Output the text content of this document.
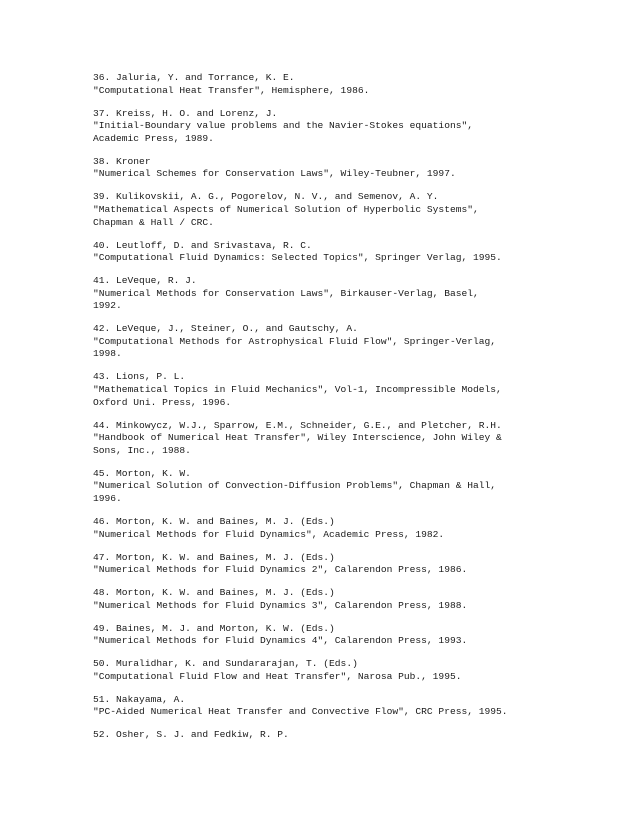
36. Jaluria, Y. and Torrance, K. E.
"Computational Heat Transfer", Hemisphere, 1986.
37. Kreiss, H. O. and Lorenz, J.
"Initial-Boundary value problems and the Navier-Stokes equations",
Academic Press, 1989.
38. Kroner
"Numerical Schemes for Conservation Laws", Wiley-Teubner, 1997.
39. Kulikovskii, A. G., Pogorelov, N. V., and Semenov, A. Y.
"Mathematical Aspects of Numerical Solution of Hyperbolic Systems",
Chapman & Hall / CRC.
40. Leutloff, D. and Srivastava, R. C.
"Computational Fluid Dynamics: Selected Topics", Springer Verlag, 1995.
41. LeVeque, R. J.
"Numerical Methods for Conservation Laws", Birkauser-Verlag, Basel,
1992.
42. LeVeque, J., Steiner, O., and Gautschy, A.
"Computational Methods for Astrophysical Fluid Flow", Springer-Verlag,
1998.
43. Lions, P. L.
"Mathematical Topics in Fluid Mechanics", Vol-1, Incompressible Models,
Oxford Uni. Press, 1996.
44. Minkowycz, W.J., Sparrow, E.M., Schneider, G.E., and Pletcher, R.H.
"Handbook of Numerical Heat Transfer", Wiley Interscience, John Wiley &
Sons, Inc., 1988.
45. Morton, K. W.
"Numerical Solution of Convection-Diffusion Problems", Chapman & Hall,
1996.
46. Morton, K. W. and Baines, M. J. (Eds.)
"Numerical Methods for Fluid Dynamics", Academic Press, 1982.
47. Morton, K. W. and Baines, M. J. (Eds.)
"Numerical Methods for Fluid Dynamics 2", Calarendon Press, 1986.
48. Morton, K. W. and Baines, M. J. (Eds.)
"Numerical Methods for Fluid Dynamics 3", Calarendon Press, 1988.
49. Baines, M. J. and Morton, K. W. (Eds.)
"Numerical Methods for Fluid Dynamics 4", Calarendon Press, 1993.
50. Muralidhar, K. and Sundararajan, T. (Eds.)
"Computational Fluid Flow and Heat Transfer", Narosa Pub., 1995.
51. Nakayama, A.
"PC-Aided Numerical Heat Transfer and Convective Flow", CRC Press, 1995.
52. Osher, S. J. and Fedkiw, R. P.
